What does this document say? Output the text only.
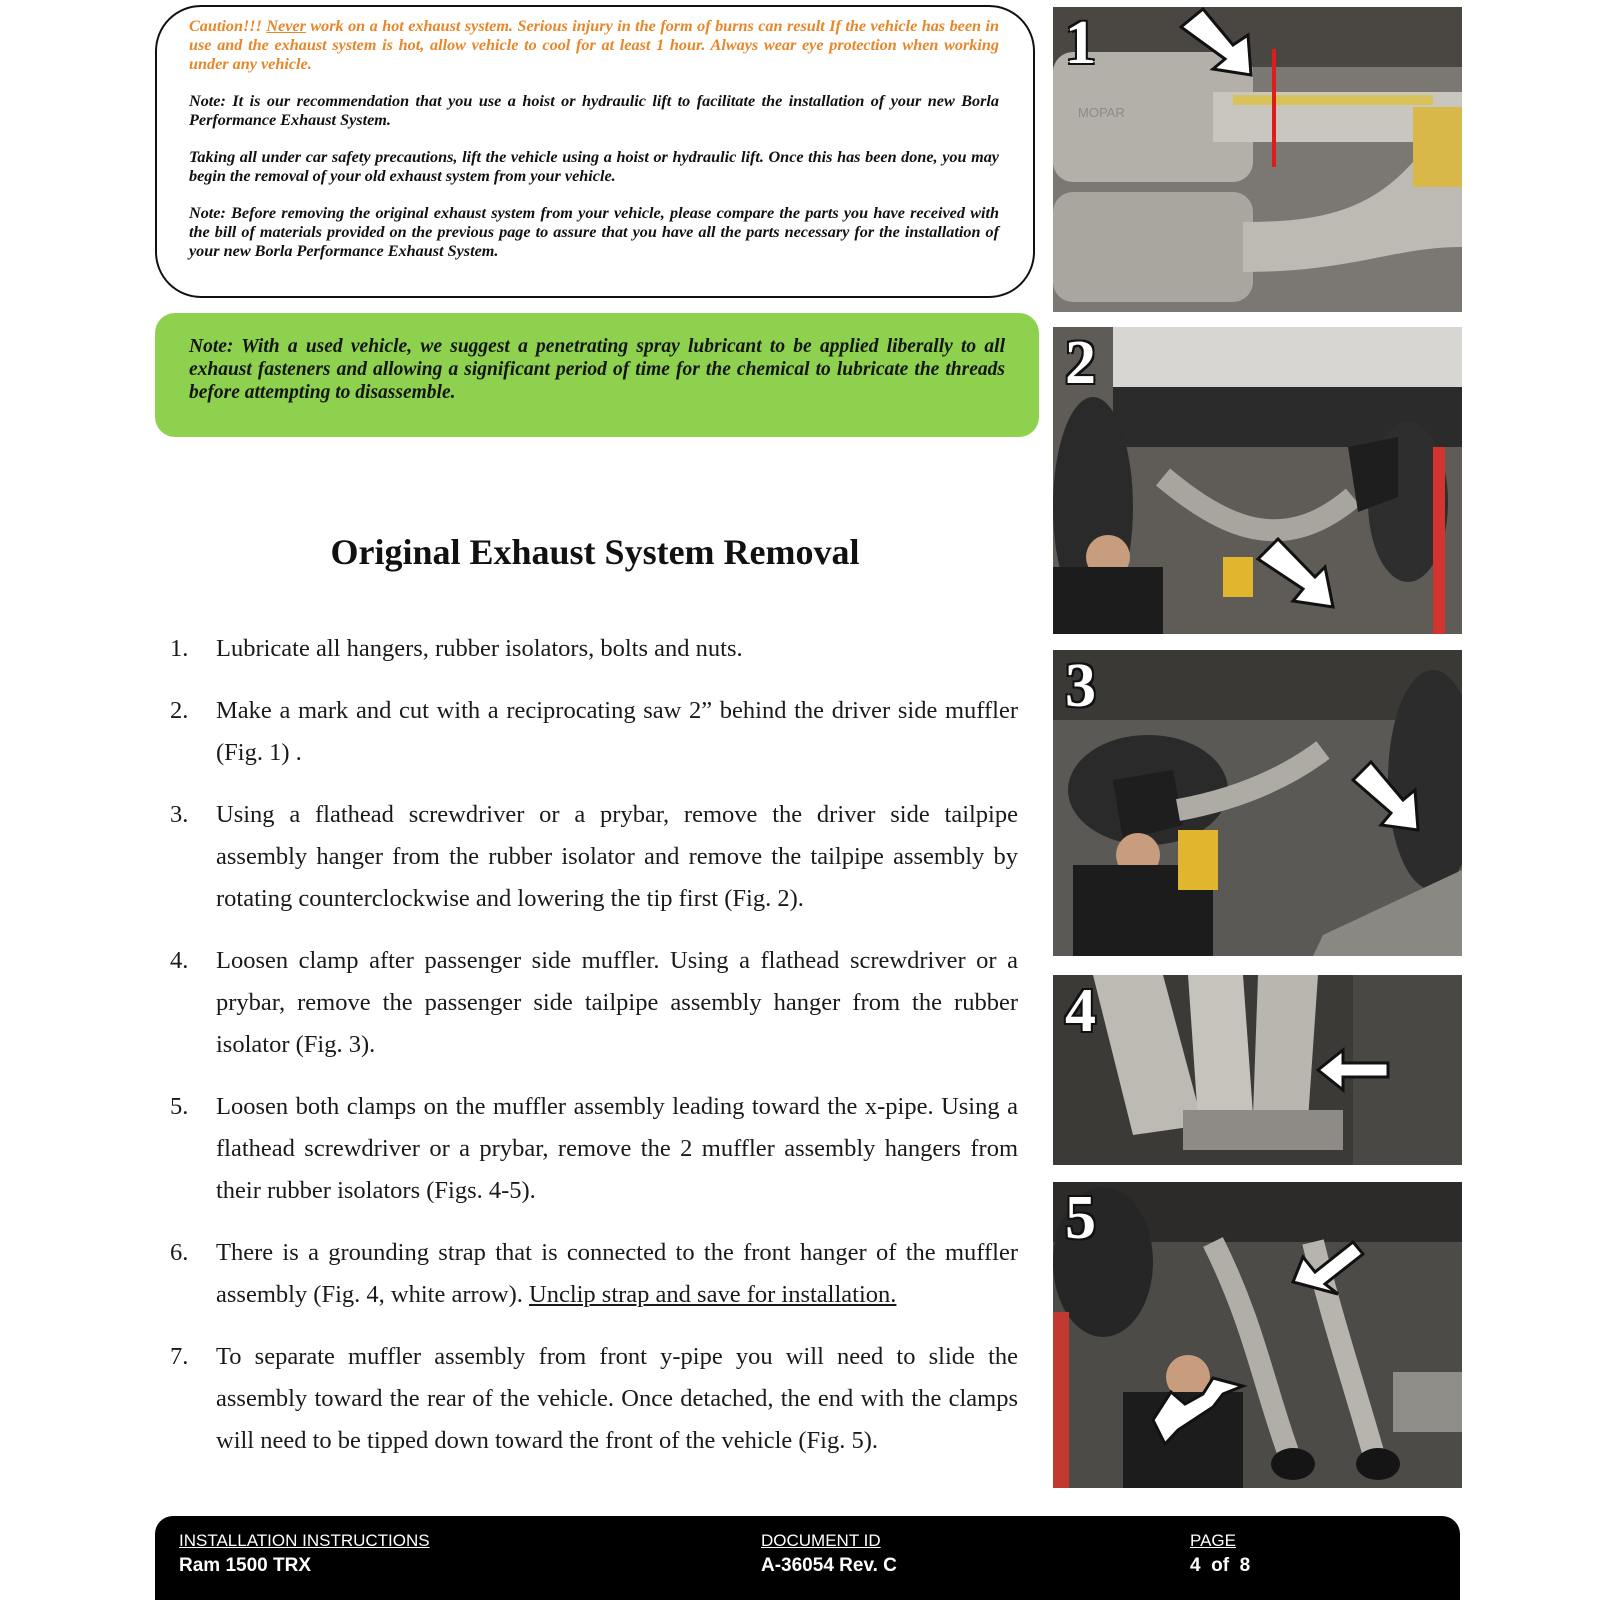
Caution!!! Never work on a hot exhaust system. Serious injury in the form of burns can result If the vehicle has been in use and the exhaust system is hot, allow vehicle to cool for at least 1 hour. Always wear eye protection when working under any vehicle.

Note: It is our recommendation that you use a hoist or hydraulic lift to facilitate the installation of your new Borla Performance Exhaust System.

Taking all under car safety precautions, lift the vehicle using a hoist or hydraulic lift. Once this has been done, you may begin the removal of your old exhaust system from your vehicle.

Note: Before removing the original exhaust system from your vehicle, please compare the parts you have received with the bill of materials provided on the previous page to assure that you have all the parts necessary for the installation of your new Borla Performance Exhaust System.

Note: With a used vehicle, we suggest a penetrating spray lubricant to be applied liberally to all exhaust fasteners and allowing a significant period of time for the chemical to lubricate the threads before attempting to disassemble.

Original Exhaust System Removal
1.	Lubricate all hangers, rubber isolators, bolts and nuts.
2.	Make a mark and cut with a reciprocating saw 2” behind the driver side muffler (Fig. 1) .
3.	Using a flathead screwdriver or a prybar, remove the driver side tailpipe assembly hanger from the rubber isolator and remove the tailpipe assembly by rotating counterclockwise and lowering the tip first (Fig. 2).
4.	Loosen clamp after passenger side muffler. Using a flathead screwdriver or a prybar, remove the passenger side tailpipe assembly hanger from the rubber isolator (Fig. 3).
5.	Loosen both clamps on the muffler assembly leading toward the x-pipe. Using a flathead screwdriver or a prybar, remove the 2 muffler assembly hangers from their rubber isolators (Figs. 4-5).
6.	There is a grounding strap that is connected to the front hanger of the muffler assembly (Fig. 4, white arrow). Unclip strap and save for installation.
7.	To separate muffler assembly from front y-pipe you will need to slide the assembly toward the rear of the vehicle. Once detached, the end with the clamps will need to be tipped down toward the front of the vehicle (Fig. 5).
MOPAR
1
2
3
4
5
INSTALLATION INSTRUCTIONS
Ram 1500 TRX
DOCUMENT ID
A-36054 Rev. C
PAGE
4  of  8
